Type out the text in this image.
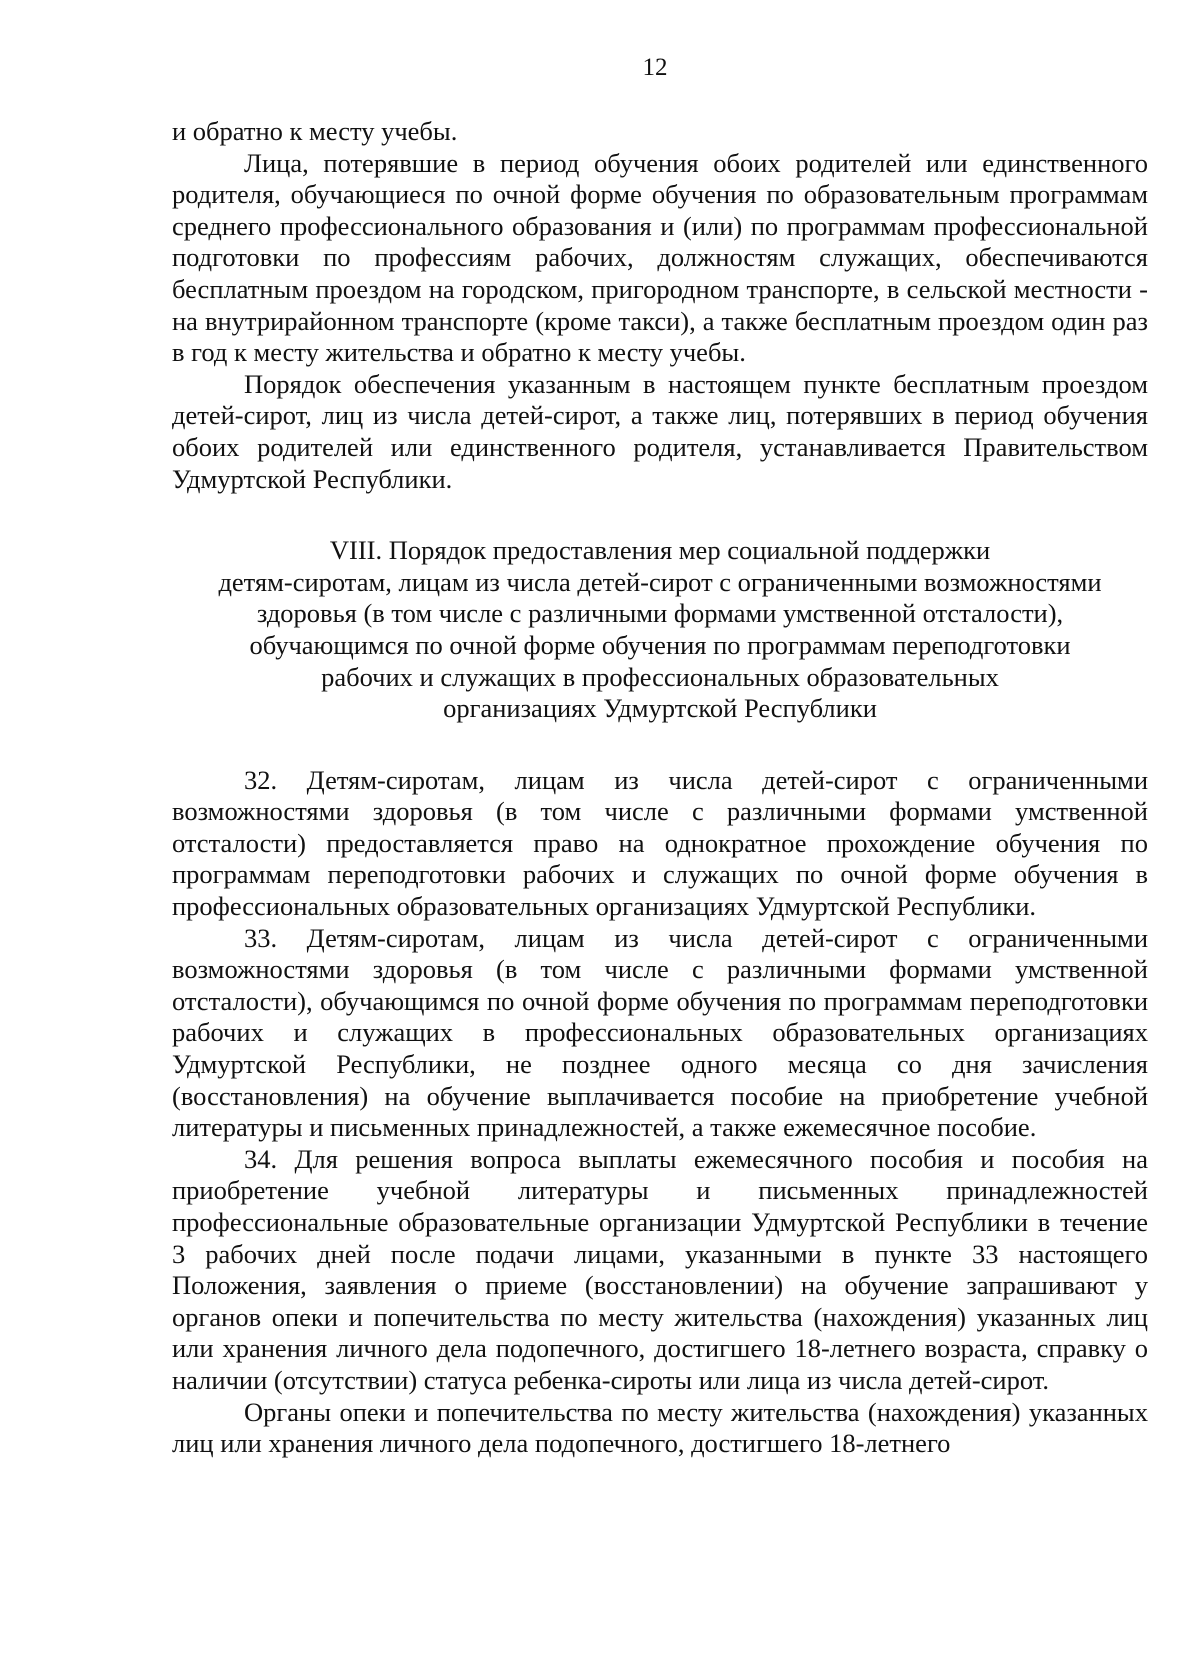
12

и обратно к месту учебы.

Лица, потерявшие в период обучения обоих родителей или единственного родителя, обучающиеся по очной форме обучения по образовательным программам среднего профессионального образования и (или) по программам профессиональной подготовки по профессиям рабочих, должностям служащих, обеспечиваются бесплатным проездом на городском, пригородном транспорте, в сельской местности - на внутрирайонном транспорте (кроме такси), а также бесплатным проездом один раз в год к месту жительства и обратно к месту учебы.

Порядок обеспечения указанным в настоящем пункте бесплатным проездом детей-сирот, лиц из числа детей-сирот, а также лиц, потерявших в период обучения обоих родителей или единственного родителя, устанавливается Правительством Удмуртской Республики.

VIII. Порядок предоставления мер социальной поддержки
детям-сиротам, лицам из числа детей-сирот с ограниченными возможностями
здоровья (в том числе с различными формами умственной отсталости),
обучающимся по очной форме обучения по программам переподготовки
рабочих и служащих в профессиональных образовательных
организациях Удмуртской Республики

32. Детям-сиротам, лицам из числа детей-сирот с ограниченными возможностями здоровья (в том числе с различными формами умственной отсталости) предоставляется право на однократное прохождение обучения по программам переподготовки рабочих и служащих по очной форме обучения в профессиональных образовательных организациях Удмуртской Республики.

33. Детям-сиротам, лицам из числа детей-сирот с ограниченными возможностями здоровья (в том числе с различными формами умственной отсталости), обучающимся по очной форме обучения по программам переподготовки рабочих и служащих в профессиональных образовательных организациях Удмуртской Республики, не позднее одного месяца со дня зачисления (восстановления) на обучение выплачивается пособие на приобретение учебной литературы и письменных принадлежностей, а также ежемесячное пособие.

34. Для решения вопроса выплаты ежемесячного пособия и пособия на приобретение учебной литературы и письменных принадлежностей профессиональные образовательные организации Удмуртской Республики в течение 3 рабочих дней после подачи лицами, указанными в пункте 33 настоящего Положения, заявления о приеме (восстановлении) на обучение запрашивают у органов опеки и попечительства по месту жительства (нахождения) указанных лиц или хранения личного дела подопечного, достигшего 18-летнего возраста, справку о наличии (отсутствии) статуса ребенка-сироты или лица из числа детей-сирот.

Органы опеки и попечительства по месту жительства (нахождения) указанных лиц или хранения личного дела подопечного, достигшего 18-летнего
